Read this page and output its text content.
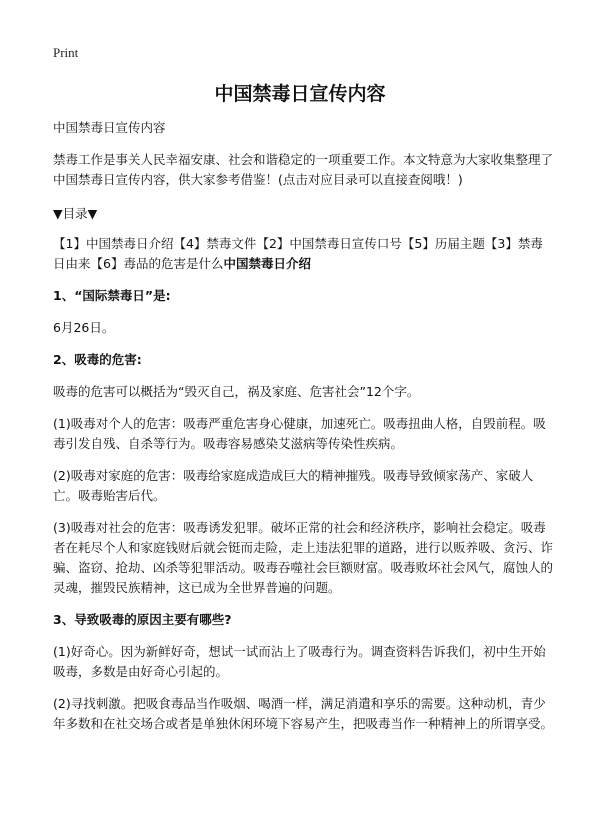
Print
中国禁毒日宣传内容

中国禁毒日宣传内容

禁毒工作是事关人民幸福安康、社会和谐稳定的一项重要工作。本文特意为大家收集整理了中国禁毒日宣传内容，供大家参考借鉴！(点击对应目录可以直接查阅哦！)

▼目录▼

【1】中国禁毒日介绍【4】禁毒文件【2】中国禁毒日宣传口号【5】历届主题【3】禁毒日由来【6】毒品的危害是什么中国禁毒日介绍

1、“国际禁毒日”是:

6月26日。

2、吸毒的危害:

吸毒的危害可以概括为“毁灭自己，祸及家庭、危害社会”12个字。

(1)吸毒对个人的危害：吸毒严重危害身心健康，加速死亡。吸毒扭曲人格，自毁前程。吸毒引发自残、自杀等行为。吸毒容易感染艾滋病等传染性疾病。

(2)吸毒对家庭的危害：吸毒给家庭成造成巨大的精神摧残。吸毒导致倾家荡产、家破人亡。吸毒贻害后代。

(3)吸毒对社会的危害：吸毒诱发犯罪。破坏正常的社会和经济秩序，影响社会稳定。吸毒者在耗尽个人和家庭钱财后就会铤而走险，走上违法犯罪的道路，进行以贩养吸、贪污、诈骗、盗窃、抢劫、凶杀等犯罪活动。吸毒吞噬社会巨额财富。吸毒败坏社会风气，腐蚀人的灵魂，摧毁民族精神，这已成为全世界普遍的问题。

3、导致吸毒的原因主要有哪些?

(1)好奇心。因为新鲜好奇，想试一试而沾上了吸毒行为。调查资料告诉我们，初中生开始吸毒，多数是由好奇心引起的。

(2)寻找刺激。把吸食毒品当作吸烟、喝酒一样，满足消遣和享乐的需要。这种动机，青少年多数和在社交场合或者是单独休闲环境下容易产生，把吸毒当作一种精神上的所谓享受。
